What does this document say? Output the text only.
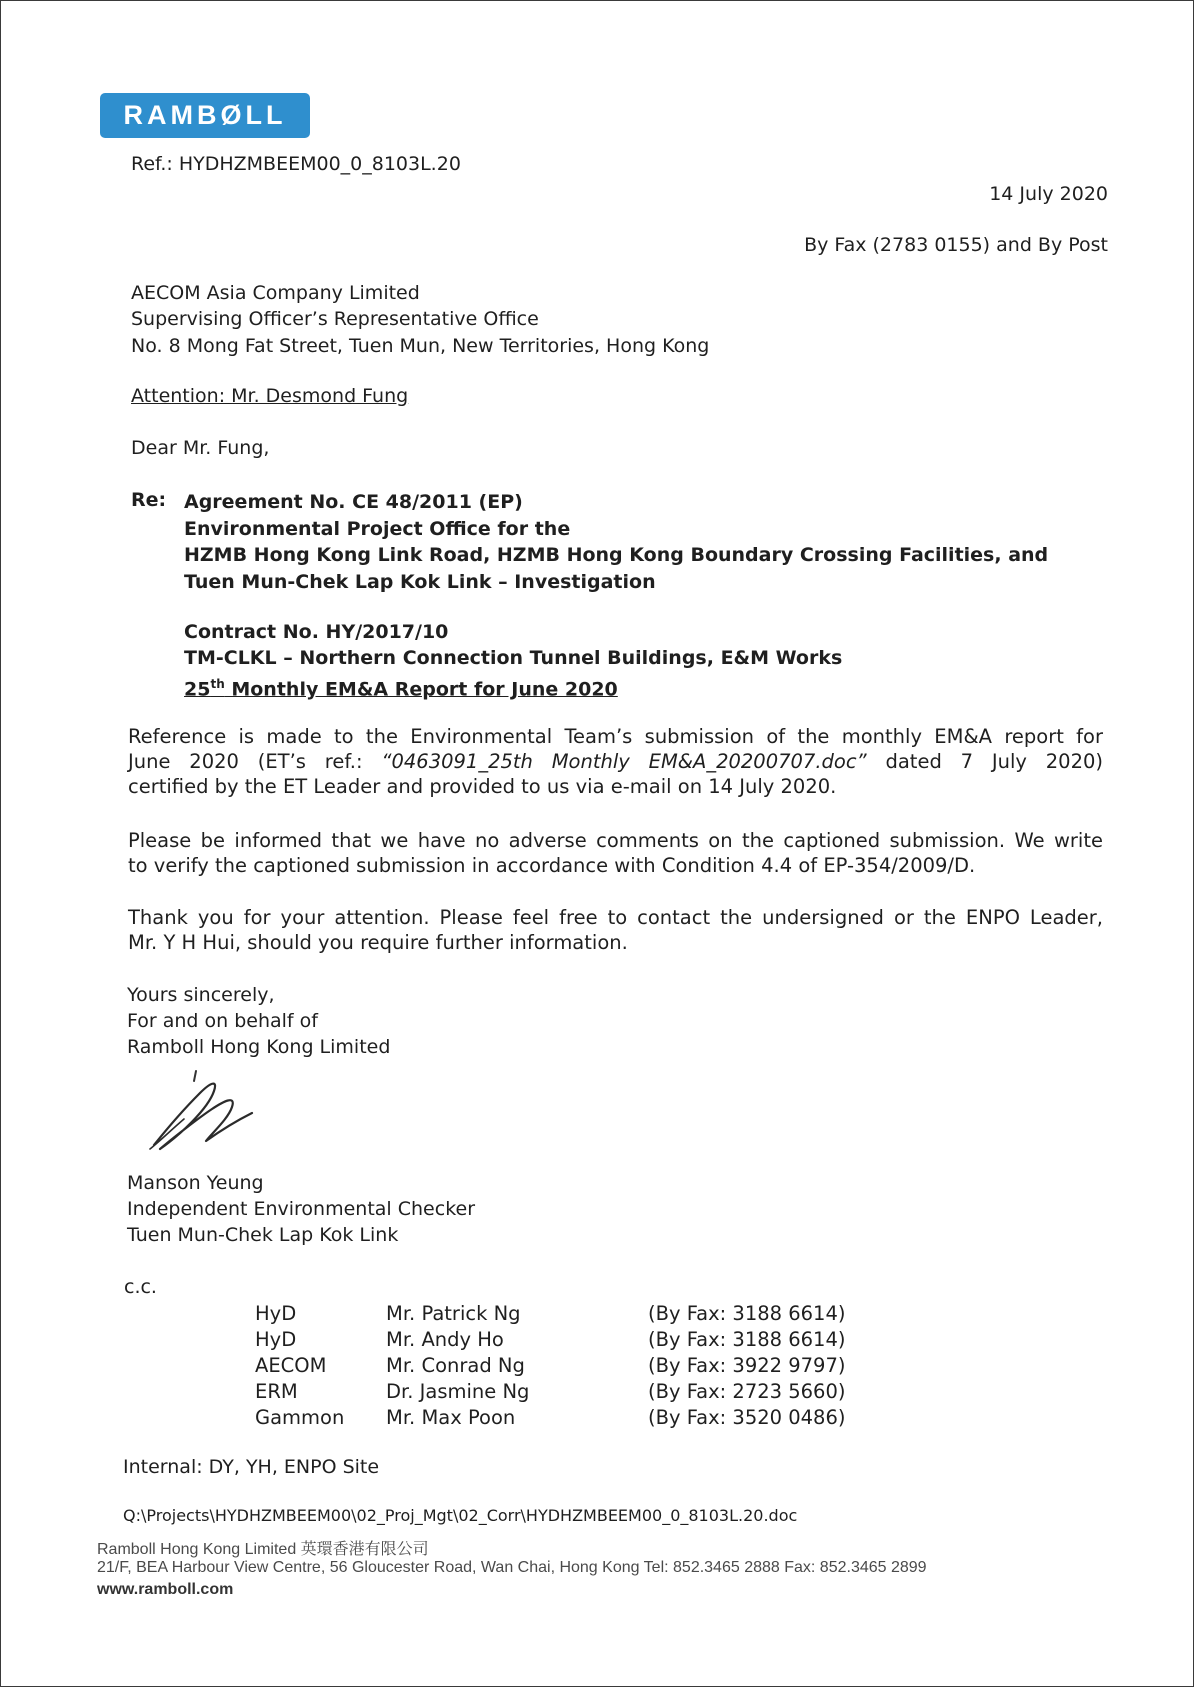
RAMBØLL
Ref.: HYDHZMBEEM00_0_8103L.20
14 July 2020
By Fax (2783 0155) and By Post
AECOM Asia Company Limited
Supervising Officer’s Representative Office
No. 8 Mong Fat Street, Tuen Mun, New Territories, Hong Kong
Attention: Mr. Desmond Fung
Dear Mr. Fung,
Re: Agreement No. CE 48/2011 (EP)
Environmental Project Office for the
HZMB Hong Kong Link Road, HZMB Hong Kong Boundary Crossing Facilities, and
Tuen Mun-Chek Lap Kok Link – Investigation
Contract No. HY/2017/10
TM-CLKL – Northern Connection Tunnel Buildings, E&M Works
25th Monthly EM&A Report for June 2020
Reference is made to the Environmental Team’s submission of the monthly EM&A report for
June 2020 (ET’s ref.: “0463091_25th Monthly EM&A_20200707.doc” dated 7 July 2020)
certified by the ET Leader and provided to us via e-mail on 14 July 2020.
Please be informed that we have no adverse comments on the captioned submission. We write
to verify the captioned submission in accordance with Condition 4.4 of EP-354/2009/D.
Thank you for your attention. Please feel free to contact the undersigned or the ENPO Leader,
Mr. Y H Hui, should you require further information.
Yours sincerely,
For and on behalf of
Ramboll Hong Kong Limited
Manson Yeung
Independent Environmental Checker
Tuen Mun-Chek Lap Kok Link
c.c.
HyD	Mr. Patrick Ng	(By Fax: 3188 6614)
HyD	Mr. Andy Ho	(By Fax: 3188 6614)
AECOM	Mr. Conrad Ng	(By Fax: 3922 9797)
ERM	Dr. Jasmine Ng	(By Fax: 2723 5660)
Gammon Mr. Max Poon	(By Fax: 3520 0486)
Internal: DY, YH, ENPO Site
Q:\Projects\HYDHZMBEEM00\02_Proj_Mgt\02_Corr\HYDHZMBEEM00_0_8103L.20.doc
Ramboll Hong Kong Limited 英環香港有限公司
21/F, BEA Harbour View Centre, 56 Gloucester Road, Wan Chai, Hong Kong Tel: 852.3465 2888 Fax: 852.3465 2899
www.ramboll.com
